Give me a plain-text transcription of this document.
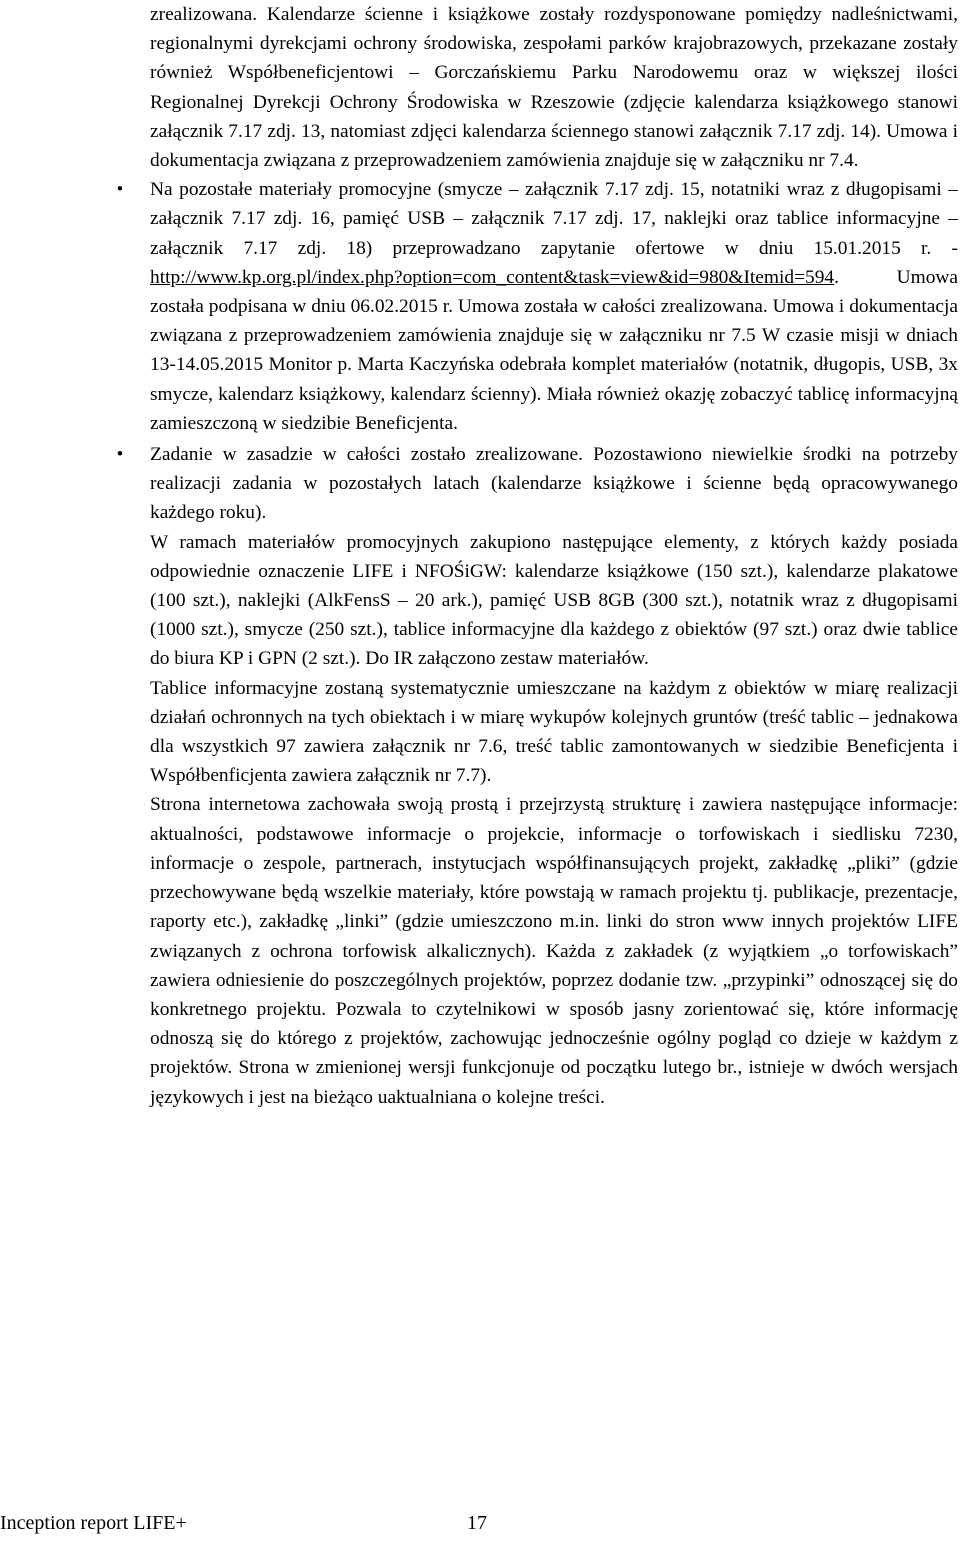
zrealizowana. Kalendarze ścienne i książkowe zostały rozdysponowane pomiędzy nadleśnictwami, regionalnymi dyrekcjami ochrony środowiska, zespołami parków krajobrazowych, przekazane zostały również Współbeneficjentowi – Gorczańskiemu Parku Narodowemu oraz w większej ilości Regionalnej Dyrekcji Ochrony Środowiska w Rzeszowie (zdjęcie kalendarza książkowego stanowi załącznik 7.17 zdj. 13, natomiast zdjęci kalendarza ściennego stanowi załącznik 7.17 zdj. 14). Umowa i dokumentacja związana z przeprowadzeniem zamówienia znajduje się w załączniku nr 7.4.

•	Na pozostałe materiały promocyjne (smycze – załącznik 7.17 zdj. 15, notatniki wraz z długopisami – załącznik 7.17 zdj. 16, pamięć USB – załącznik 7.17 zdj. 17, naklejki oraz tablice informacyjne – załącznik 7.17 zdj. 18) przeprowadzano zapytanie ofertowe w dniu 15.01.2015 r. - http://www.kp.org.pl/index.php?option=com_content&task=view&id=980&Itemid=594. Umowa została podpisana w dniu 06.02.2015 r. Umowa została w całości zrealizowana. Umowa i dokumentacja związana z przeprowadzeniem zamówienia znajduje się w załączniku nr 7.5 W czasie misji w dniach 13-14.05.2015 Monitor p. Marta Kaczyńska odebrała komplet materiałów (notatnik, długopis, USB, 3x smycze, kalendarz książkowy, kalendarz ścienny). Miała również okazję zobaczyć tablicę informacyjną zamieszczoną w siedzibie Beneficjenta.

•	Zadanie w zasadzie w całości zostało zrealizowane. Pozostawiono niewielkie środki na potrzeby realizacji zadania w pozostałych latach (kalendarze książkowe i ścienne będą opracowywanego każdego roku).

W ramach materiałów promocyjnych zakupiono następujące elementy, z których każdy posiada odpowiednie oznaczenie LIFE i NFOŚiGW: kalendarze książkowe (150 szt.), kalendarze plakatowe (100 szt.), naklejki (AlkFensS – 20 ark.), pamięć USB 8GB (300 szt.), notatnik wraz z długopisami (1000 szt.), smycze (250 szt.), tablice informacyjne dla każdego z obiektów (97 szt.) oraz dwie tablice do biura KP i GPN (2 szt.). Do IR załączono zestaw materiałów.

Tablice informacyjne zostaną systematycznie umieszczane na każdym z obiektów w miarę realizacji działań ochronnych na tych obiektach i w miarę wykupów kolejnych gruntów (treść tablic – jednakowa dla wszystkich 97 zawiera załącznik nr 7.6, treść tablic zamontowanych w siedzibie Beneficjenta i Współbenficjenta zawiera załącznik nr 7.7).

Strona internetowa zachowała swoją prostą i przejrzystą strukturę i zawiera następujące informacje: aktualności, podstawowe informacje o projekcie, informacje o torfowiskach i siedlisku 7230, informacje o zespole, partnerach, instytucjach współfinansujących projekt, zakładkę „pliki” (gdzie przechowywane będą wszelkie materiały, które powstają w ramach projektu tj. publikacje, prezentacje, raporty etc.), zakładkę „linki” (gdzie umieszczono m.in. linki do stron www innych projektów LIFE związanych z ochrona torfowisk alkalicznych). Każda z zakładek (z wyjątkiem „o torfowiskach” zawiera odniesienie do poszczególnych projektów, poprzez dodanie tzw. „przypinki” odnoszącej się do konkretnego projektu. Pozwala to czytelnikowi w sposób jasny zorientować się, które informację odnoszą się do którego z projektów, zachowując jednocześnie ogólny pogląd co dzieje w każdym z projektów. Strona w zmienionej wersji funkcjonuje od początku lutego br., istnieje w dwóch wersjach językowych i jest na bieżąco uaktualniana o kolejne treści.

Inception report LIFE+	17
